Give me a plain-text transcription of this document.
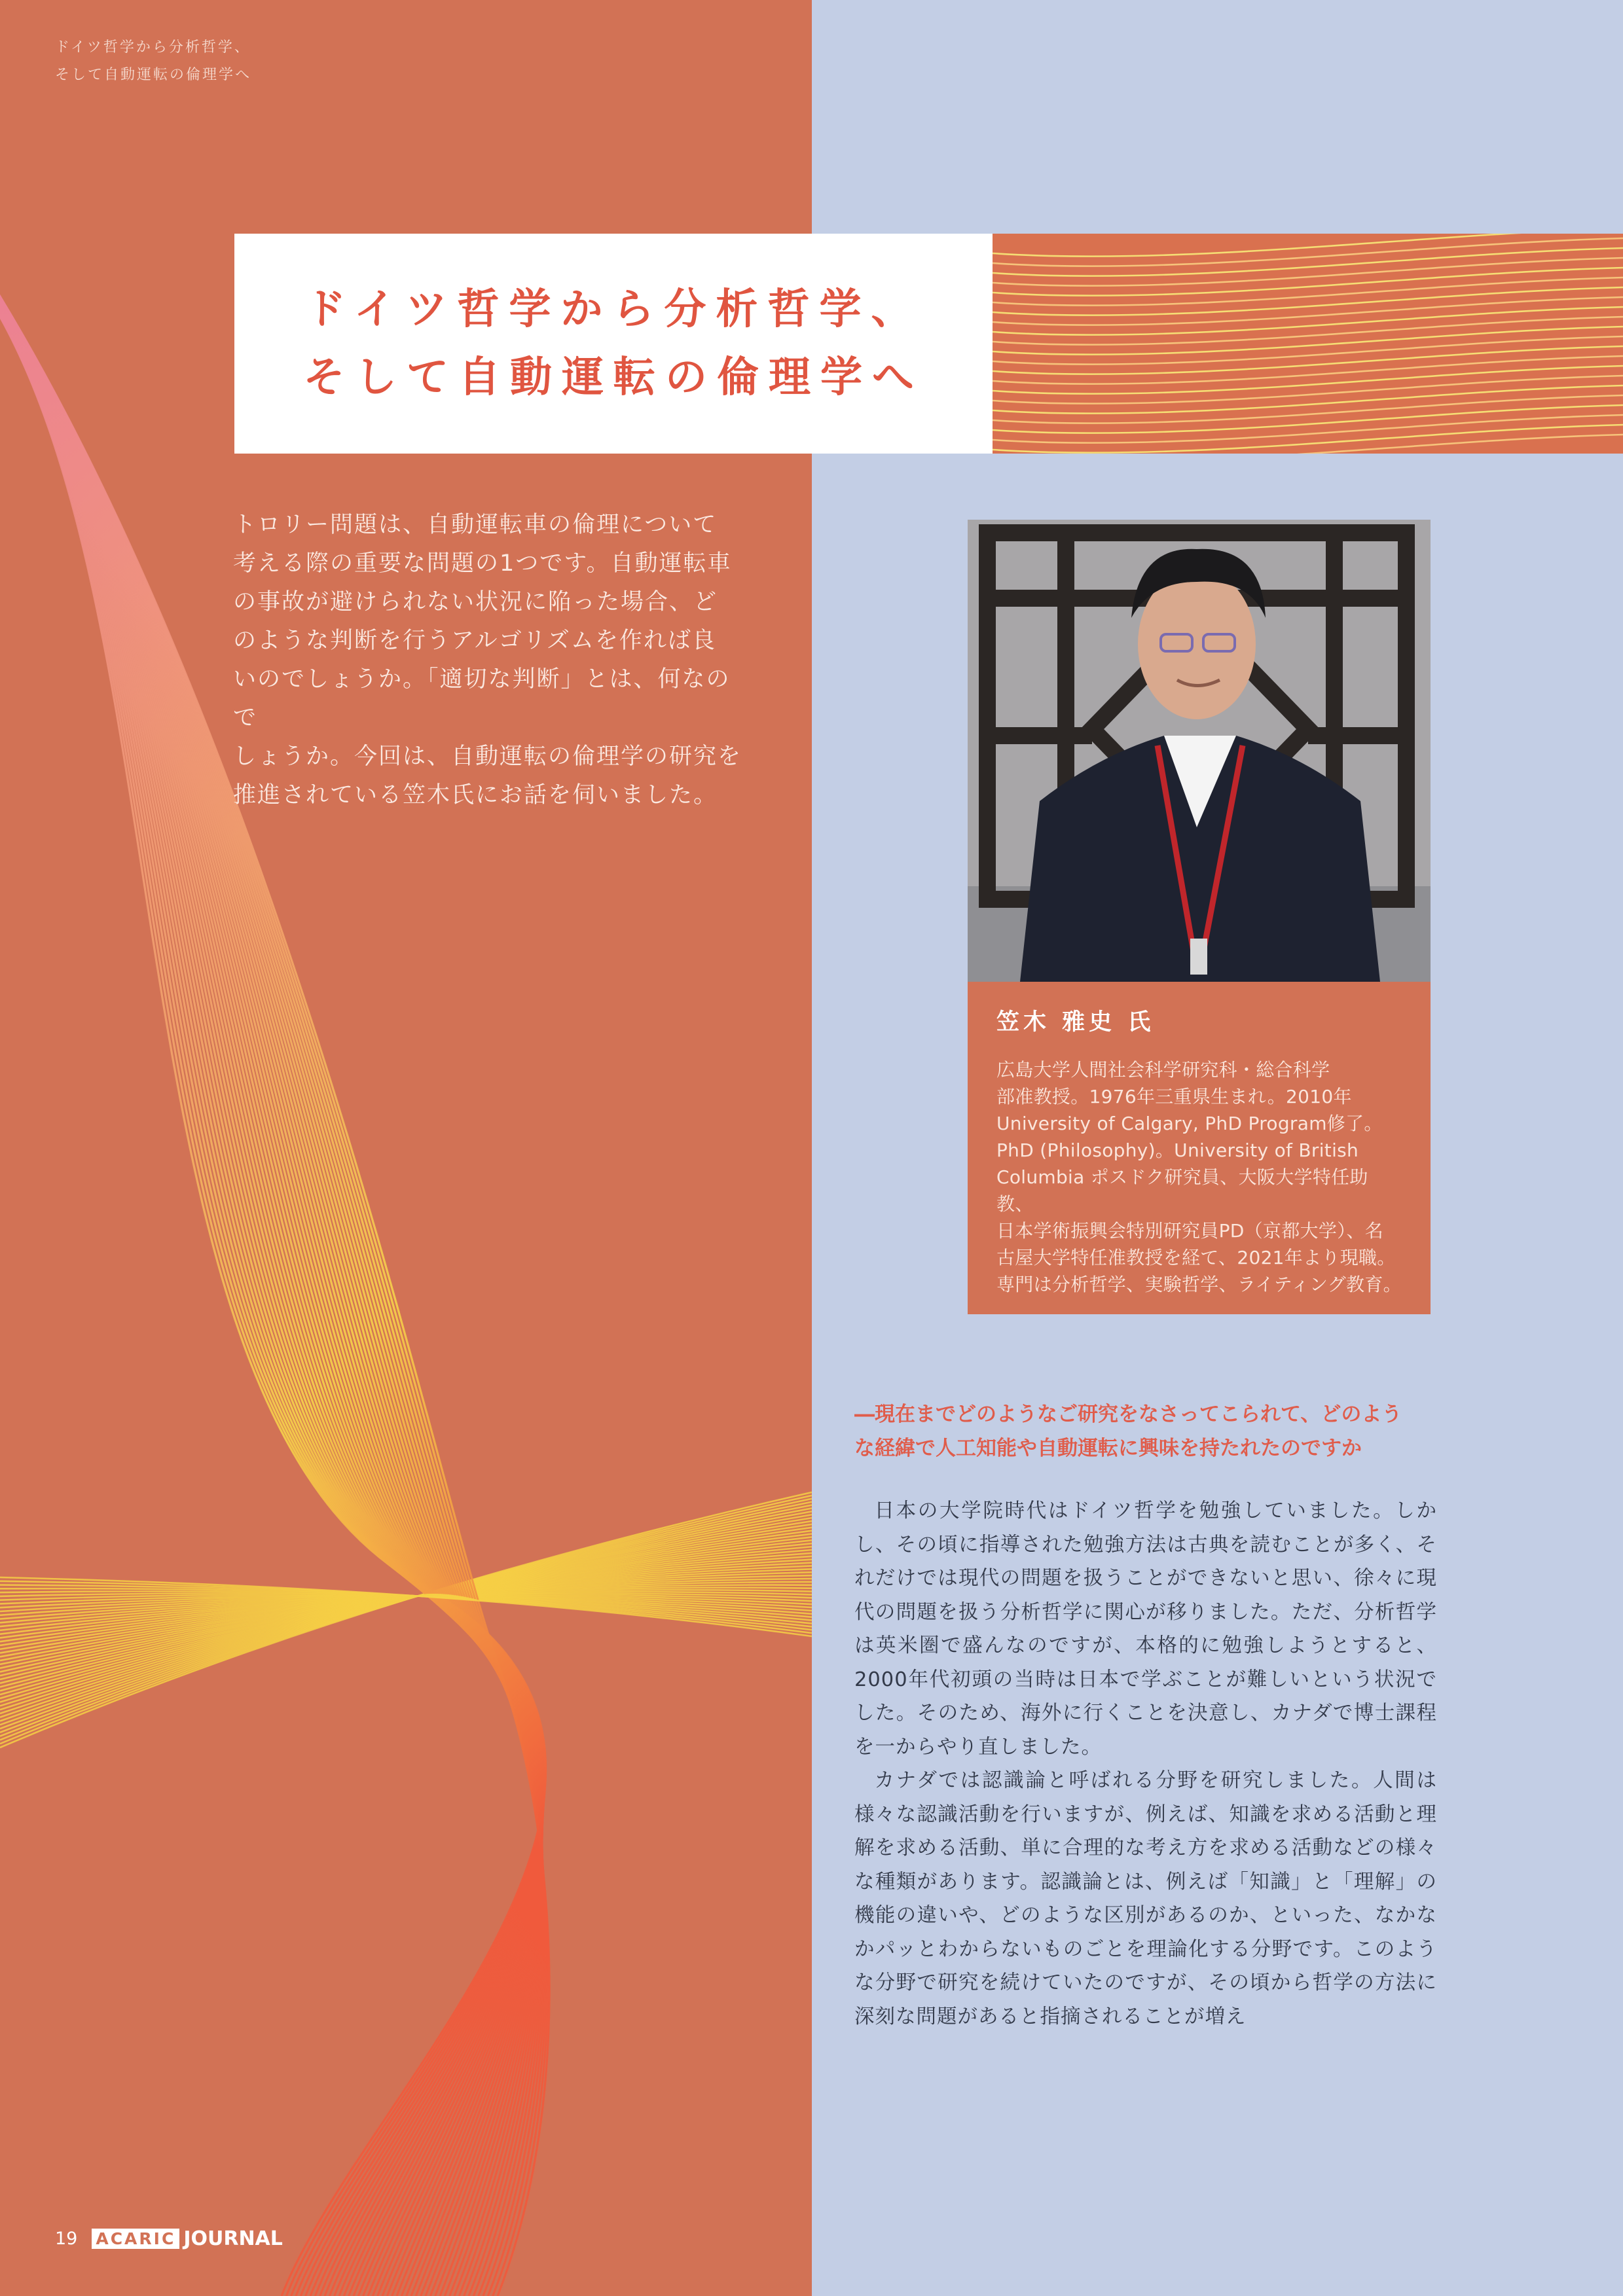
ドイツ哲学から分析哲学、
そして自動運転の倫理学へ
ドイツ哲学から分析哲学、
そして自動運転の倫理学へ
トロリー問題は、自動運転車の倫理について
考える際の重要な問題の1つです。自動運転車
の事故が避けられない状況に陥った場合、ど
のような判断を行うアルゴリズムを作れば良
いのでしょうか。「適切な判断」とは、何なので
しょうか。今回は、自動運転の倫理学の研究を
推進されている笠木氏にお話を伺いました。
笠木 雅史 氏
広島大学人間社会科学研究科・総合科学
部准教授。1976年三重県生まれ。2010年
University of Calgary, PhD Program修了。
PhD (Philosophy)。University of British
Columbia ポスドク研究員、大阪大学特任助教、
日本学術振興会特別研究員PD（京都大学）、名
古屋大学特任准教授を経て、2021年より現職。
専門は分析哲学、実験哲学、ライティング教育。
―現在までどのようなご研究をなさってこられて、どのよう
な経緯で人工知能や自動運転に興味を持たれたのですか

日本の大学院時代はドイツ哲学を勉強していました。しかし、その頃に指導された勉強方法は古典を読むことが多く、それだけでは現代の問題を扱うことができないと思い、徐々に現代の問題を扱う分析哲学に関心が移りました。ただ、分析哲学は英米圏で盛んなのですが、本格的に勉強しようとすると、2000年代初頭の当時は日本で学ぶことが難しいという状況でした。そのため、海外に行くことを決意し、カナダで博士課程を一からやり直しました。

カナダでは認識論と呼ばれる分野を研究しました。人間は様々な認識活動を行いますが、例えば、知識を求める活動と理解を求める活動、単に合理的な考え方を求める活動などの様々な種類があります。認識論とは、例えば「知識」と「理解」の機能の違いや、どのような区別があるのか、といった、なかなかパッとわからないものごとを理論化する分野です。このような分野で研究を続けていたのですが、その頃から哲学の方法に深刻な問題があると指摘されることが増え

19 ACARIC JOURNAL
